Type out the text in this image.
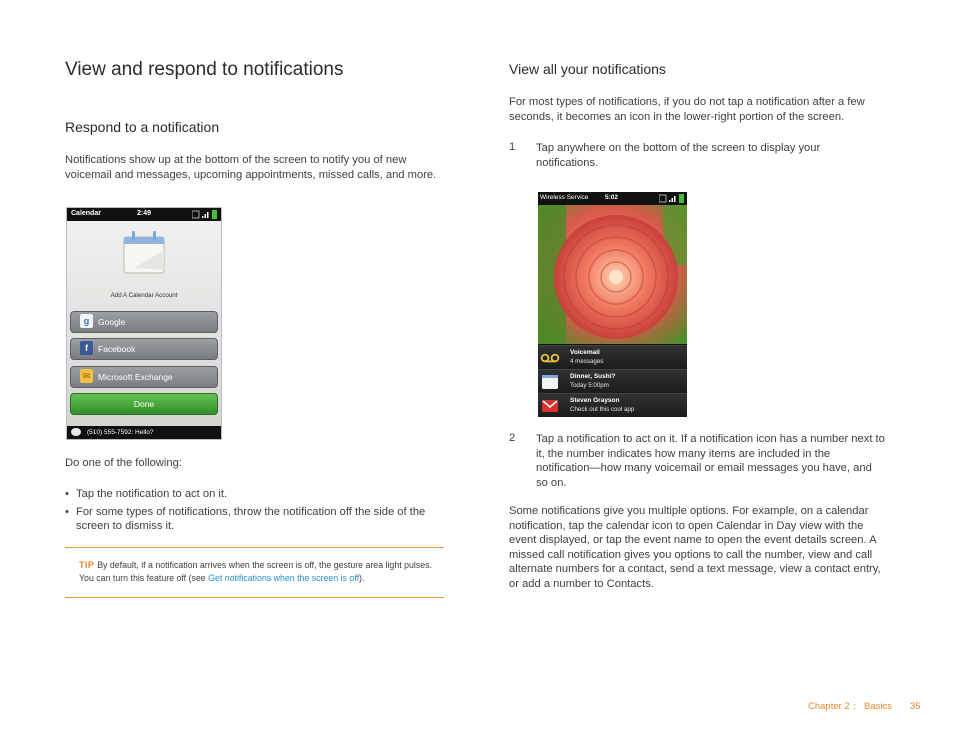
View and respond to notifications
Respond to a notification
Notifications show up at the bottom of the screen to notify you of new voicemail and messages, upcoming appointments, missed calls, and more.
Calendar	2:49
Add A Calendar Account
g	Google
f	Facebook
✉ Microsoft Exchange
Done
(510) 555-7592: Hello?
Do one of the following:
• Tap the notification to act on it.
• For some types of notifications, throw the notification off the side of the screen to dismiss it.
TIP By default, if a notification arrives when the screen is off, the gesture area light pulses. You can turn this feature off (see Get notifications when the screen is off).
View all your notifications
For most types of notifications, if you do not tap a notification after a few seconds, it becomes an icon in the lower-right portion of the screen.
1 Tap anywhere on the bottom of the screen to display your notifications.
Wireless Service	5:02
Voicemail
4 messages
Dinner, Sushi?
Today 5:00pm
Steven Grayson
Check out this cool app
2 Tap a notification to act on it. If a notification icon has a number next to it, the number indicates how many items are included in the notification—how many voicemail or email messages you have, and so on.
Some notifications give you multiple options. For example, on a calendar notification, tap the calendar icon to open Calendar in Day view with the event displayed, or tap the event name to open the event details screen. A missed call notification gives you options to call the number, view and call alternate numbers for a contact, send a text message, view a contact entry, or add a number to Contacts.
Chapter 2 : Basics 35
